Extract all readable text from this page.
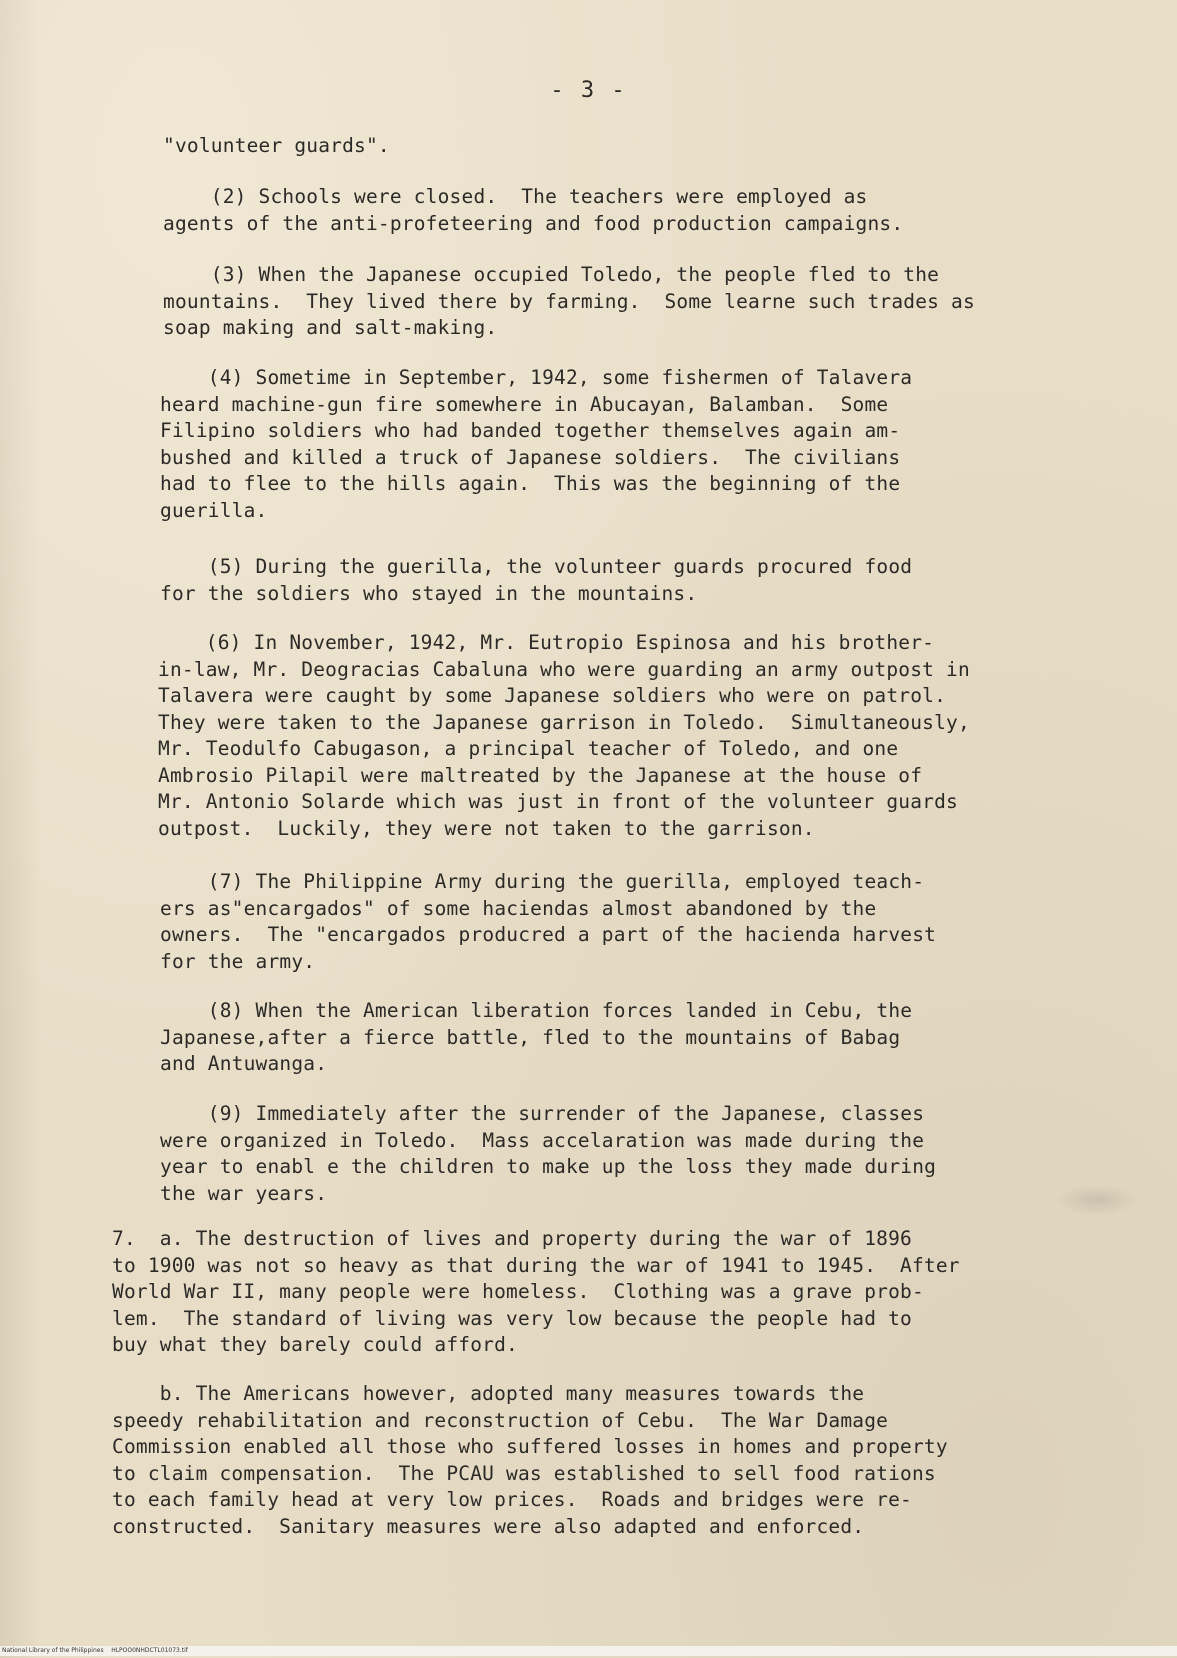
- 3 -

"volunteer guards".

(2) Schools were closed.  The teachers were employed as
agents of the anti-profeteering and food production campaigns.

(3) When the Japanese occupied Toledo, the people fled to the
mountains.  They lived there by farming.  Some learne such trades as
soap making and salt-making.

(4) Sometime in September, 1942, some fishermen of Talavera
heard machine-gun fire somewhere in Abucayan, Balamban.  Some
Filipino soldiers who had banded together themselves again am-
bushed and killed a truck of Japanese soldiers.  The civilians
had to flee to the hills again.  This was the beginning of the
guerilla.

(5) During the guerilla, the volunteer guards procured food
for the soldiers who stayed in the mountains.

(6) In November, 1942, Mr. Eutropio Espinosa and his brother-
in-law, Mr. Deogracias Cabaluna who were guarding an army outpost in
Talavera were caught by some Japanese soldiers who were on patrol.
They were taken to the Japanese garrison in Toledo.  Simultaneously,
Mr. Teodulfo Cabugason, a principal teacher of Toledo, and one
Ambrosio Pilapil were maltreated by the Japanese at the house of
Mr. Antonio Solarde which was just in front of the volunteer guards
outpost.  Luckily, they were not taken to the garrison.

(7) The Philippine Army during the guerilla, employed teach-
ers as"encargados" of some haciendas almost abandoned by the
owners.  The "encargados producred a part of the hacienda harvest
for the army.

(8) When the American liberation forces landed in Cebu, the
Japanese,after a fierce battle, fled to the mountains of Babag
and Antuwanga.

(9) Immediately after the surrender of the Japanese, classes
were organized in Toledo.  Mass accelaration was made during the
year to enabl e the children to make up the loss they made during
the war years.

7.  a. The destruction of lives and property during the war of 1896
to 1900 was not so heavy as that during the war of 1941 to 1945.  After
World War II, many people were homeless.  Clothing was a grave prob-
lem.  The standard of living was very low because the people had to
buy what they barely could afford.

b. The Americans however, adopted many measures towards the
speedy rehabilitation and reconstruction of Cebu.  The War Damage
Commission enabled all those who suffered losses in homes and property
to claim compensation.  The PCAU was established to sell food rations
to each family head at very low prices.  Roads and bridges were re-
constructed.  Sanitary measures were also adapted and enforced.

National Library of the Philippines    HLPOO0NHDCTL01073.tif
